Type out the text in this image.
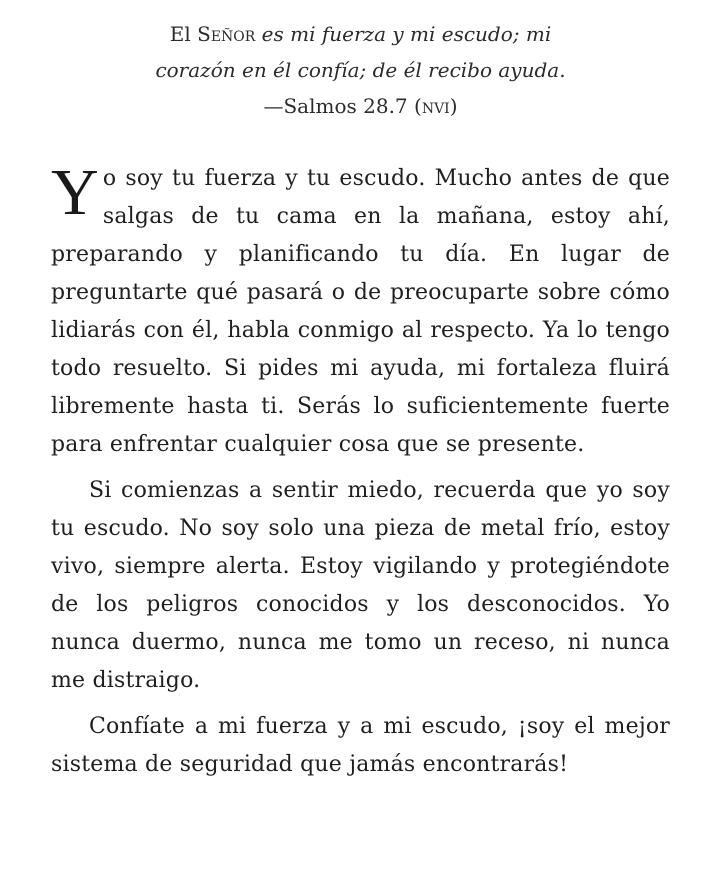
El Señor es mi fuerza y mi escudo; mi
corazón en él confía; de él recibo ayuda.
—Salmos 28.7 (nvi)

Yo soy tu fuerza y tu escudo. Mucho antes de que salgas de tu cama en la mañana, estoy ahí, preparando y planificando tu día. En lugar de preguntarte qué pasará o de preocuparte sobre cómo lidiarás con él, habla conmigo al respecto. Ya lo tengo todo resuelto. Si pides mi ayuda, mi fortaleza fluirá libremente hasta ti. Serás lo suficientemente fuerte para enfrentar cualquier cosa que se presente.

Si comienzas a sentir miedo, recuerda que yo soy tu escudo. No soy solo una pieza de metal frío, estoy vivo, siempre alerta. Estoy vigilando y protegiéndote de los peligros conocidos y los desconocidos. Yo nunca duermo, nunca me tomo un receso, ni nunca me distraigo.

Confíate a mi fuerza y a mi escudo, ¡soy el mejor sistema de seguridad que jamás encontrarás!
